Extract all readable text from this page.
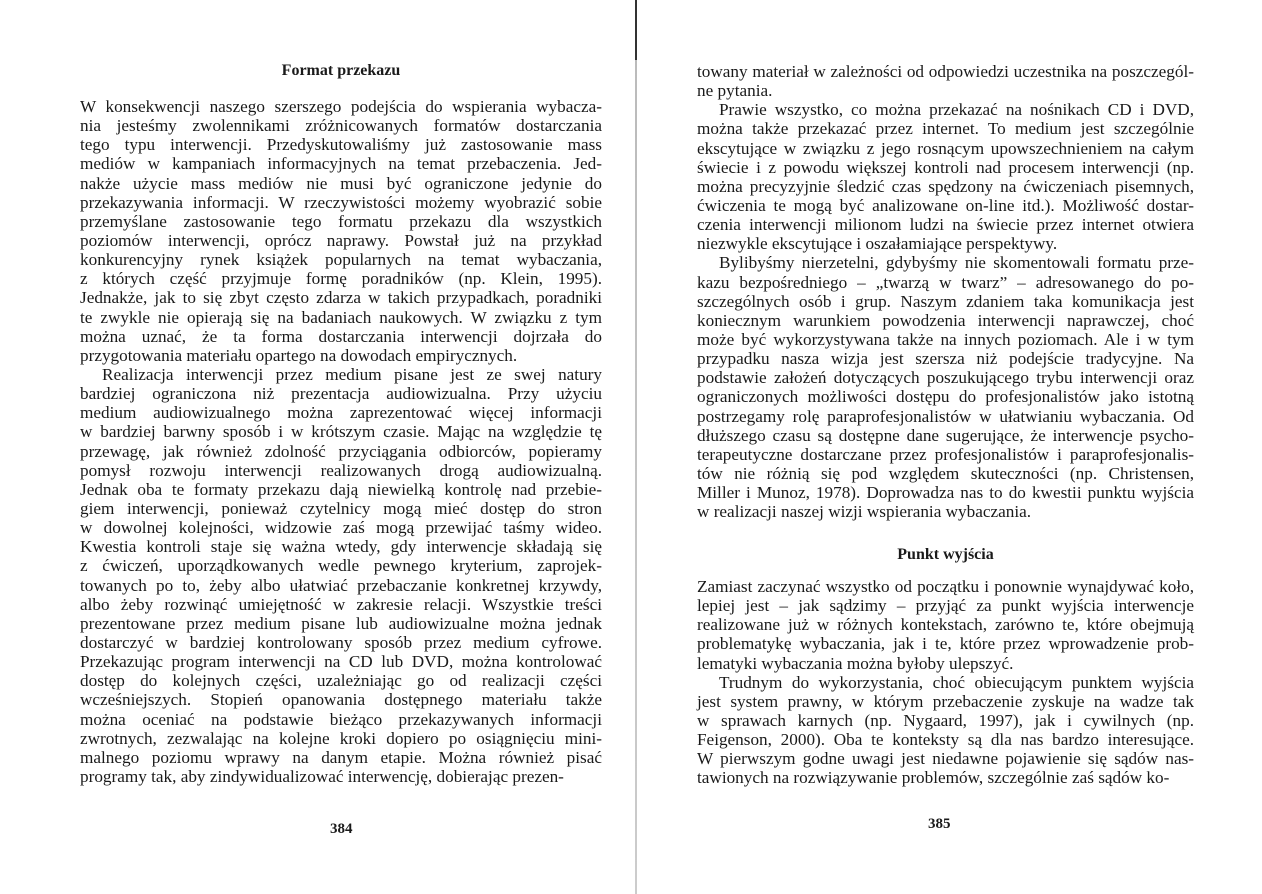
Format przekazu
W konsekwencji naszego szerszego podejścia do wspierania wybacza-
nia jesteśmy zwolennikami zróżnicowanych formatów dostarczania
tego typu interwencji. Przedyskutowaliśmy już zastosowanie mass
mediów w kampaniach informacyjnych na temat przebaczenia. Jed-
nakże użycie mass mediów nie musi być ograniczone jedynie do
przekazywania informacji. W rzeczywistości możemy wyobrazić sobie
przemyślane zastosowanie tego formatu przekazu dla wszystkich
poziomów interwencji, oprócz naprawy. Powstał już na przykład
konkurencyjny rynek książek popularnych na temat wybaczania,
z których część przyjmuje formę poradników (np. Klein, 1995).
Jednakże, jak to się zbyt często zdarza w takich przypadkach, poradniki
te zwykle nie opierają się na badaniach naukowych. W związku z tym
można uznać, że ta forma dostarczania interwencji dojrzała do
przygotowania materiału opartego na dowodach empirycznych.
Realizacja interwencji przez medium pisane jest ze swej natury
bardziej ograniczona niż prezentacja audiowizualna. Przy użyciu
medium audiowizualnego można zaprezentować więcej informacji
w bardziej barwny sposób i w krótszym czasie. Mając na względzie tę
przewagę, jak również zdolność przyciągania odbiorców, popieramy
pomysł rozwoju interwencji realizowanych drogą audiowizualną.
Jednak oba te formaty przekazu dają niewielką kontrolę nad przebie-
giem interwencji, ponieważ czytelnicy mogą mieć dostęp do stron
w dowolnej kolejności, widzowie zaś mogą przewijać taśmy wideo.
Kwestia kontroli staje się ważna wtedy, gdy interwencje składają się
z ćwiczeń, uporządkowanych wedle pewnego kryterium, zaprojek-
towanych po to, żeby albo ułatwiać przebaczanie konkretnej krzywdy,
albo żeby rozwinąć umiejętność w zakresie relacji. Wszystkie treści
prezentowane przez medium pisane lub audiowizualne można jednak
dostarczyć w bardziej kontrolowany sposób przez medium cyfrowe.
Przekazując program interwencji na CD lub DVD, można kontrolować
dostęp do kolejnych części, uzależniając go od realizacji części
wcześniejszych. Stopień opanowania dostępnego materiału także
można oceniać na podstawie bieżąco przekazywanych informacji
zwrotnych, zezwalając na kolejne kroki dopiero po osiągnięciu mini-
malnego poziomu wprawy na danym etapie. Można również pisać
programy tak, aby zindywidualizować interwencję, dobierając prezen-
384
towany materiał w zależności od odpowiedzi uczestnika na poszczegól-
ne pytania.
Prawie wszystko, co można przekazać na nośnikach CD i DVD,
można także przekazać przez internet. To medium jest szczególnie
ekscytujące w związku z jego rosnącym upowszechnieniem na całym
świecie i z powodu większej kontroli nad procesem interwencji (np.
można precyzyjnie śledzić czas spędzony na ćwiczeniach pisemnych,
ćwiczenia te mogą być analizowane on-line itd.). Możliwość dostar-
czenia interwencji milionom ludzi na świecie przez internet otwiera
niezwykle ekscytujące i oszałamiające perspektywy.
Bylibyśmy nierzetelni, gdybyśmy nie skomentowali formatu prze-
kazu bezpośredniego – „twarzą w twarz” – adresowanego do po-
szczególnych osób i grup. Naszym zdaniem taka komunikacja jest
koniecznym warunkiem powodzenia interwencji naprawczej, choć
może być wykorzystywana także na innych poziomach. Ale i w tym
przypadku nasza wizja jest szersza niż podejście tradycyjne. Na
podstawie założeń dotyczących poszukującego trybu interwencji oraz
ograniczonych możliwości dostępu do profesjonalistów jako istotną
postrzegamy rolę paraprofesjonalistów w ułatwianiu wybaczania. Od
dłuższego czasu są dostępne dane sugerujące, że interwencje psycho-
terapeutyczne dostarczane przez profesjonalistów i paraprofesjonalis-
tów nie różnią się pod względem skuteczności (np. Christensen,
Miller i Munoz, 1978). Doprowadza nas to do kwestii punktu wyjścia
w realizacji naszej wizji wspierania wybaczania.
Punkt wyjścia
Zamiast zaczynać wszystko od początku i ponownie wynajdywać koło,
lepiej jest – jak sądzimy – przyjąć za punkt wyjścia interwencje
realizowane już w różnych kontekstach, zarówno te, które obejmują
problematykę wybaczania, jak i te, które przez wprowadzenie prob-
lematyki wybaczania można byłoby ulepszyć.
Trudnym do wykorzystania, choć obiecującym punktem wyjścia
jest system prawny, w którym przebaczenie zyskuje na wadze tak
w sprawach karnych (np. Nygaard, 1997), jak i cywilnych (np.
Feigenson, 2000). Oba te konteksty są dla nas bardzo interesujące.
W pierwszym godne uwagi jest niedawne pojawienie się sądów nas-
tawionych na rozwiązywanie problemów, szczególnie zaś sądów ko-
385
